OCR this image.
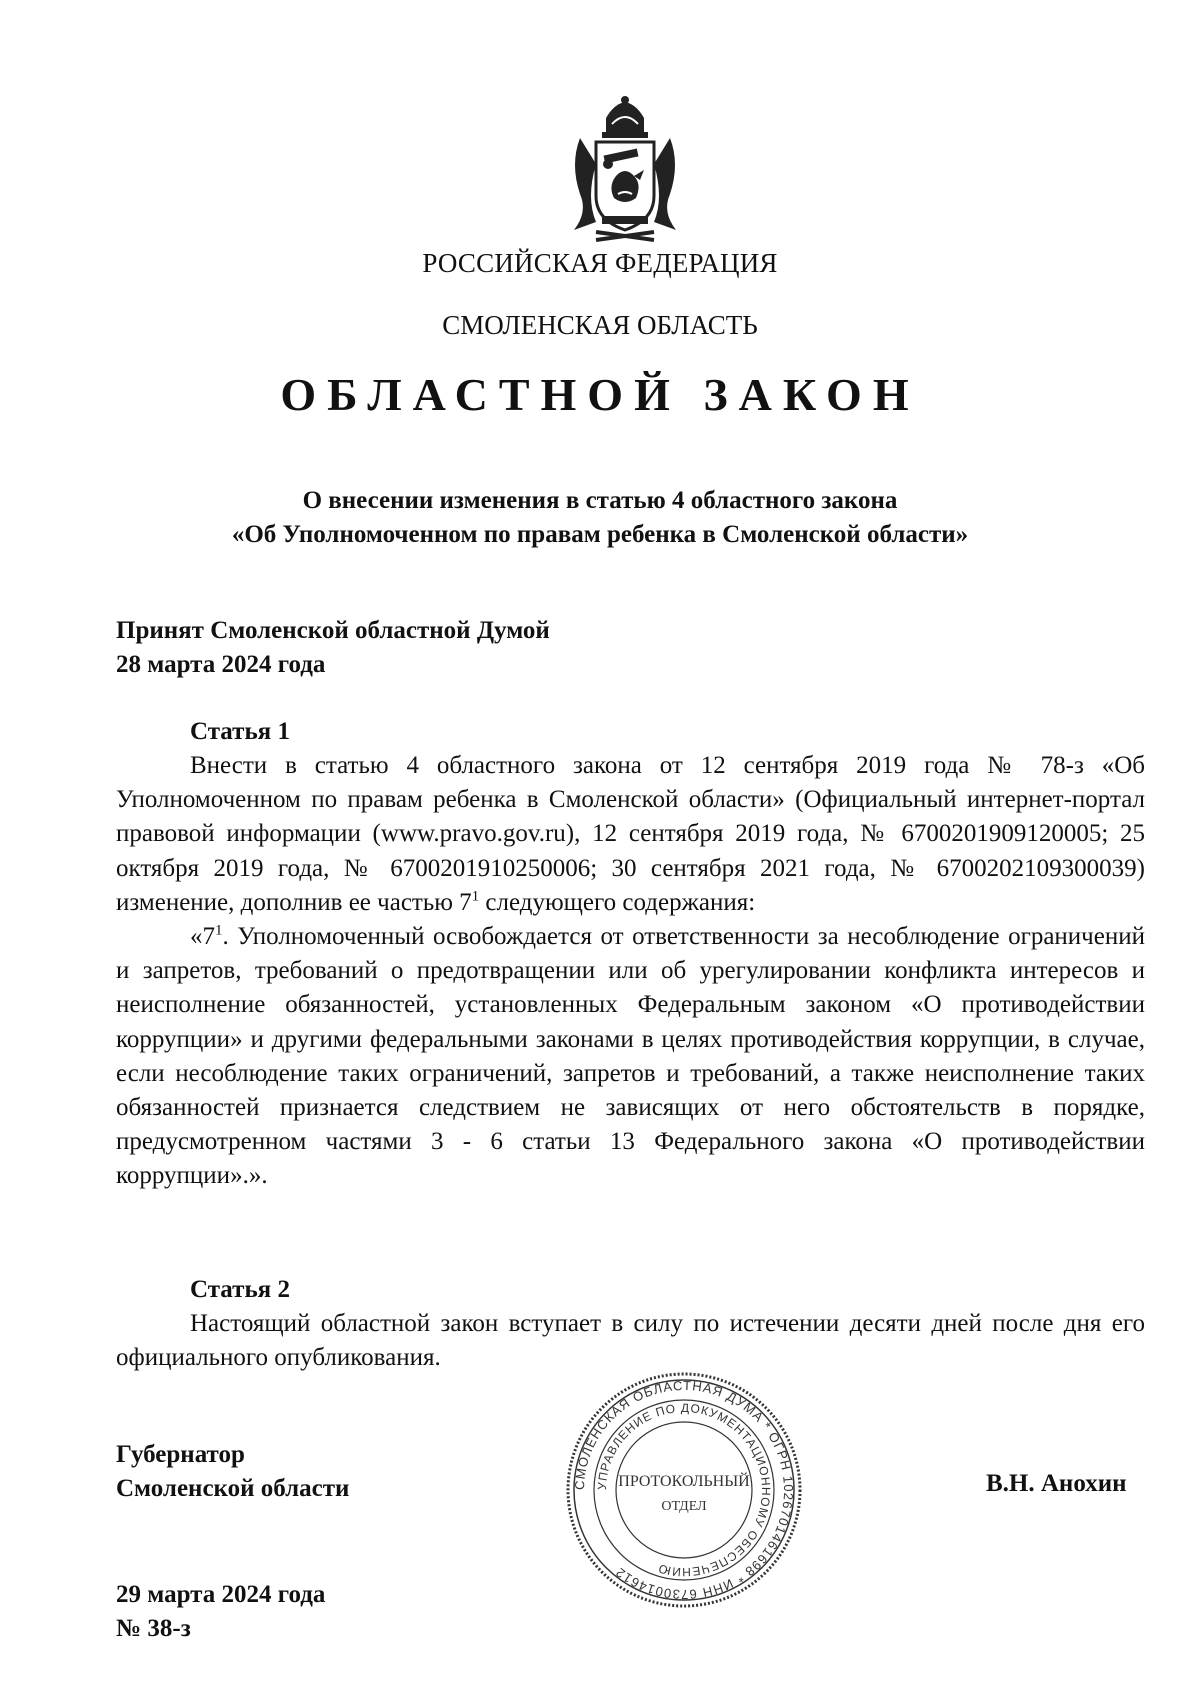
РОССИЙСКАЯ ФЕДЕРАЦИЯ
СМОЛЕНСКАЯ ОБЛАСТЬ
ОБЛАСТНОЙ ЗАКОН
О внесении изменения в статью 4 областного закона
«Об Уполномоченном по правам ребенка в Смоленской области»
Принят Смоленской областной Думой
28 марта 2024 года
Статья 1

Внести в статью 4 областного закона от 12 сентября 2019 года № 78-з «Об Уполномоченном по правам ребенка в Смоленской области» (Официальный интернет-портал правовой информации (www.pravo.gov.ru), 12 сентября 2019 года, № 6700201909120005; 25 октября 2019 года, № 6700201910250006; 30 сентября 2021 года, № 6700202109300039) изменение, дополнив ее частью $7^1$ следующего содержания:

«$7^1$. Уполномоченный освобождается от ответственности за несоблюдение ограничений и запретов, требований о предотвращении или об урегулировании конфликта интересов и неисполнение обязанностей, установленных Федеральным законом «О противодействии коррупции» и другими федеральными законами в целях противодействия коррупции, в случае, если несоблюдение таких ограничений, запретов и требований, а также неисполнение таких обязанностей признается следствием не зависящих от него обстоятельств в порядке, предусмотренном частями 3 - 6 статьи 13 Федерального закона «О противодействии коррупции».».

Статья 2

Настоящий областной закон вступает в силу по истечении десяти дней после дня его официального опубликования.

Губернатор
Смоленской области	СМОЛЕНСКАЯ ОБЛАСТНАЯ ДУМА * ОГРН 1026701461698 * ИНН 6730014612
УПРАВЛЕНИЕ ПО ДОКУМЕНТАЦИОННОМУ ОБЕСПЕЧЕНИЮ
ПРОТОКОЛЬНЫЙ
ОТДЕЛ
В.Н. Анохин
29 марта 2024 года
№ 38-з
